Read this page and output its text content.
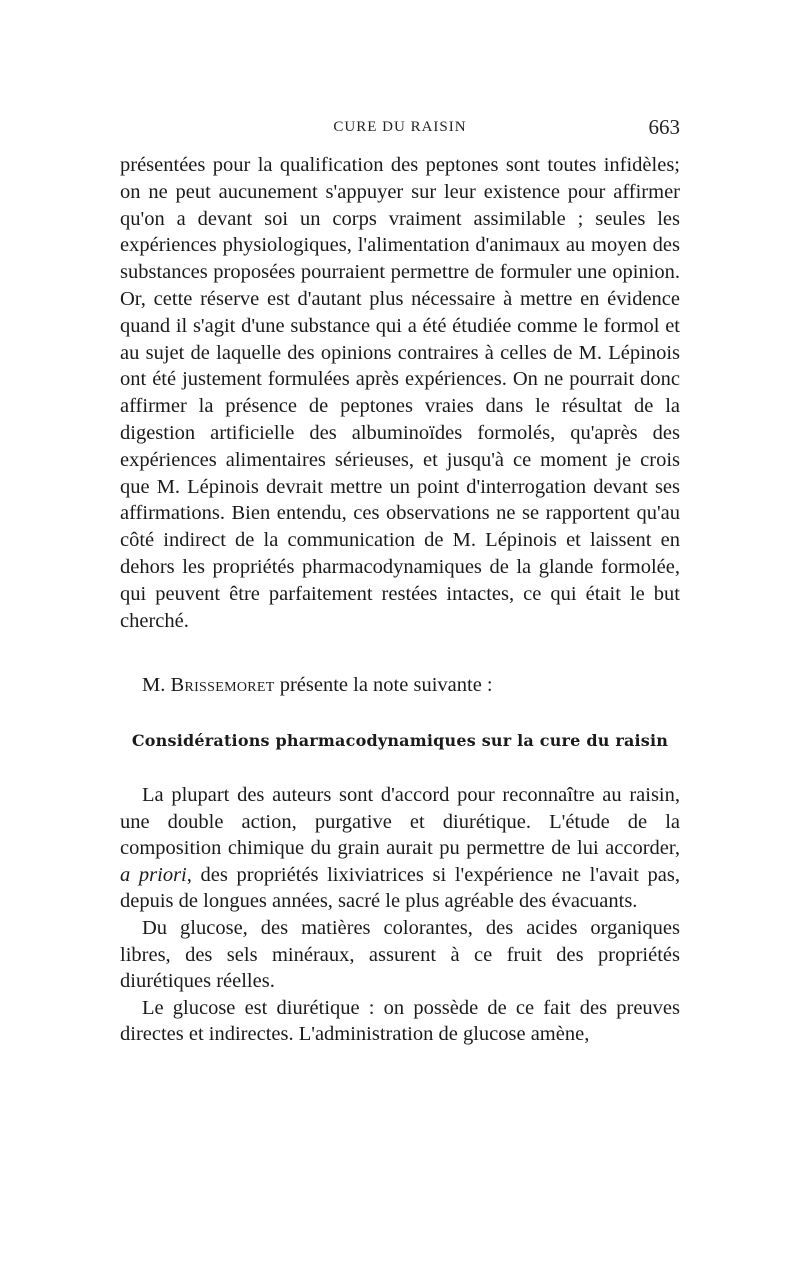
CURE DU RAISIN	663

présentées pour la qualification des peptones sont toutes infidèles; on ne peut aucunement s'appuyer sur leur existence pour affirmer qu'on a devant soi un corps vraiment assimilable ; seules les expériences physiologiques, l'alimentation d'animaux au moyen des substances proposées pourraient permettre de formuler une opinion. Or, cette réserve est d'autant plus nécessaire à mettre en évidence quand il s'agit d'une substance qui a été étudiée comme le formol et au sujet de laquelle des opinions contraires à celles de M. Lépinois ont été justement formulées après expériences. On ne pourrait donc affirmer la présence de peptones vraies dans le résultat de la digestion artificielle des albuminoïdes formolés, qu'après des expériences alimentaires sérieuses, et jusqu'à ce moment je crois que M. Lépinois devrait mettre un point d'interrogation devant ses affirmations. Bien entendu, ces observations ne se rapportent qu'au côté indirect de la communication de M. Lépinois et laissent en dehors les propriétés pharmacodynamiques de la glande formolée, qui peuvent être parfaitement restées intactes, ce qui était le but cherché.

M. Brissemoret présente la note suivante :
Considérations pharmacodynamiques sur la cure du raisin

La plupart des auteurs sont d'accord pour reconnaître au raisin, une double action, purgative et diurétique. L'étude de la composition chimique du grain aurait pu permettre de lui accorder, a priori, des propriétés lixiviatrices si l'expérience ne l'avait pas, depuis de longues années, sacré le plus agréable des évacuants.

Du glucose, des matières colorantes, des acides organiques libres, des sels minéraux, assurent à ce fruit des propriétés diurétiques réelles.

Le glucose est diurétique : on possède de ce fait des preuves directes et indirectes. L'administration de glucose amène,
